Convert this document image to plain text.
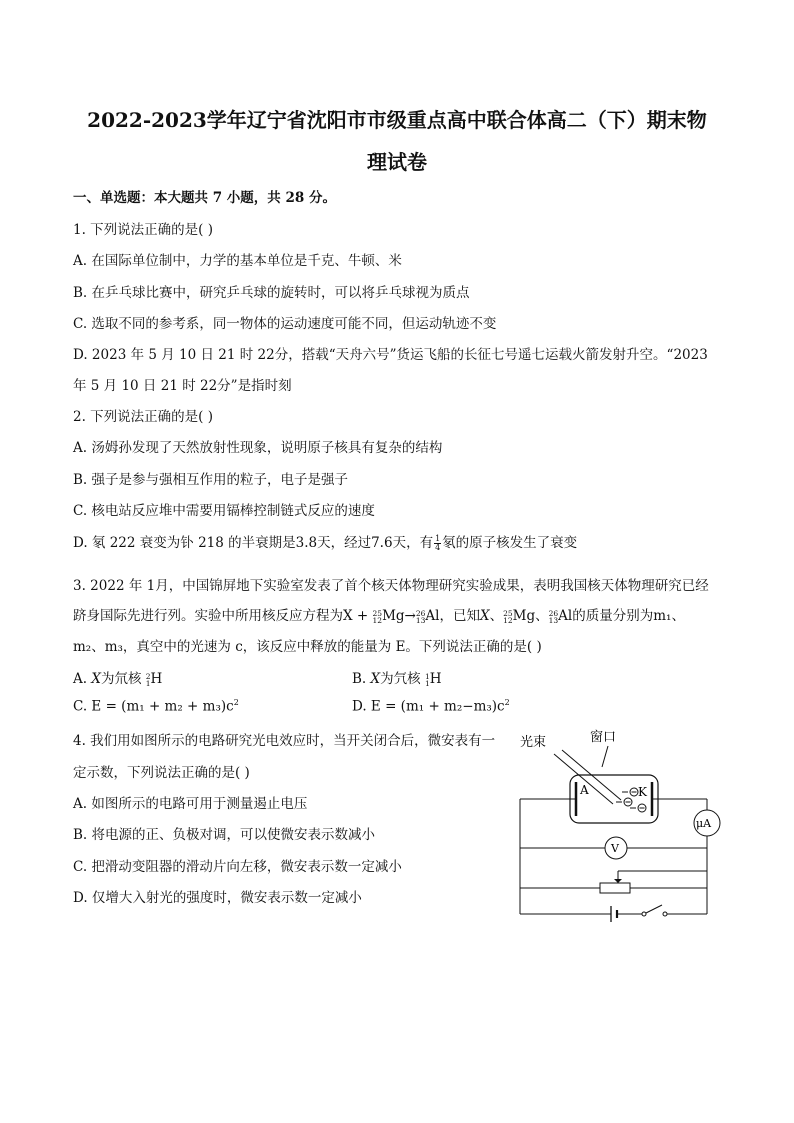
2022-2023学年辽宁省沈阳市市级重点高中联合体高二（下）期末物
理试卷
一、单选题：本大题共 7 小题，共 28 分。
1. 下列说法正确的是( )
A. 在国际单位制中，力学的基本单位是千克、牛顿、米
B. 在乒乓球比赛中，研究乒乓球的旋转时，可以将乒乓球视为质点
C. 选取不同的参考系，同一物体的运动速度可能不同，但运动轨迹不变
D. 2023 年 5 月 10 日 21 时 22分，搭载“天舟六号”货运飞船的长征七号遥七运载火箭发射升空。“2023
年 5 月 10 日 21 时 22分”是指时刻
2. 下列说法正确的是( )
A. 汤姆孙发现了天然放射性现象，说明原子核具有复杂的结构
B. 强子是参与强相互作用的粒子，电子是强子
C. 核电站反应堆中需要用镉棒控制链式反应的速度
D. 氡 222 衰变为钋 218 的半衰期是3.8天，经过7.6天，有 $\frac{1}{4}$ 氡的原子核发生了衰变
3. 2022 年 1月，中国锦屏地下实验室发表了首个核天体物理研究实验成果，表明我国核天体物理研究已经
跻身国际先进行列。实验中所用核反应方程为X + 25
12 Mg→ 26
13 Al，已知X、 25
12 Mg、 26
13 Al的质量分别为m₁、
m₂、m₃，真空中的光速为 c，该反应中释放的能量为 E。下列说法正确的是( )
A. X为氘核 2
1 H	B. X为氕核 1
1 H
C. $E = (m_1 + m_2 + m_3)c^2$	D. $E = (m_1 + m_2-m_3)c^2$
4. 我们用如图所示的电路研究光电效应时，当开关闭合后，微安表有一
定示数，下列说法正确的是( )
A. 如图所示的电路可用于测量遏止电压
B. 将电源的正、负极对调，可以使微安表示数减小
C. 把滑动变阻器的滑动片向左移，微安表示数一定减小
D. 仅增大入射光的强度时，微安表示数一定减小
光束	窗口
A	K
μA
V
